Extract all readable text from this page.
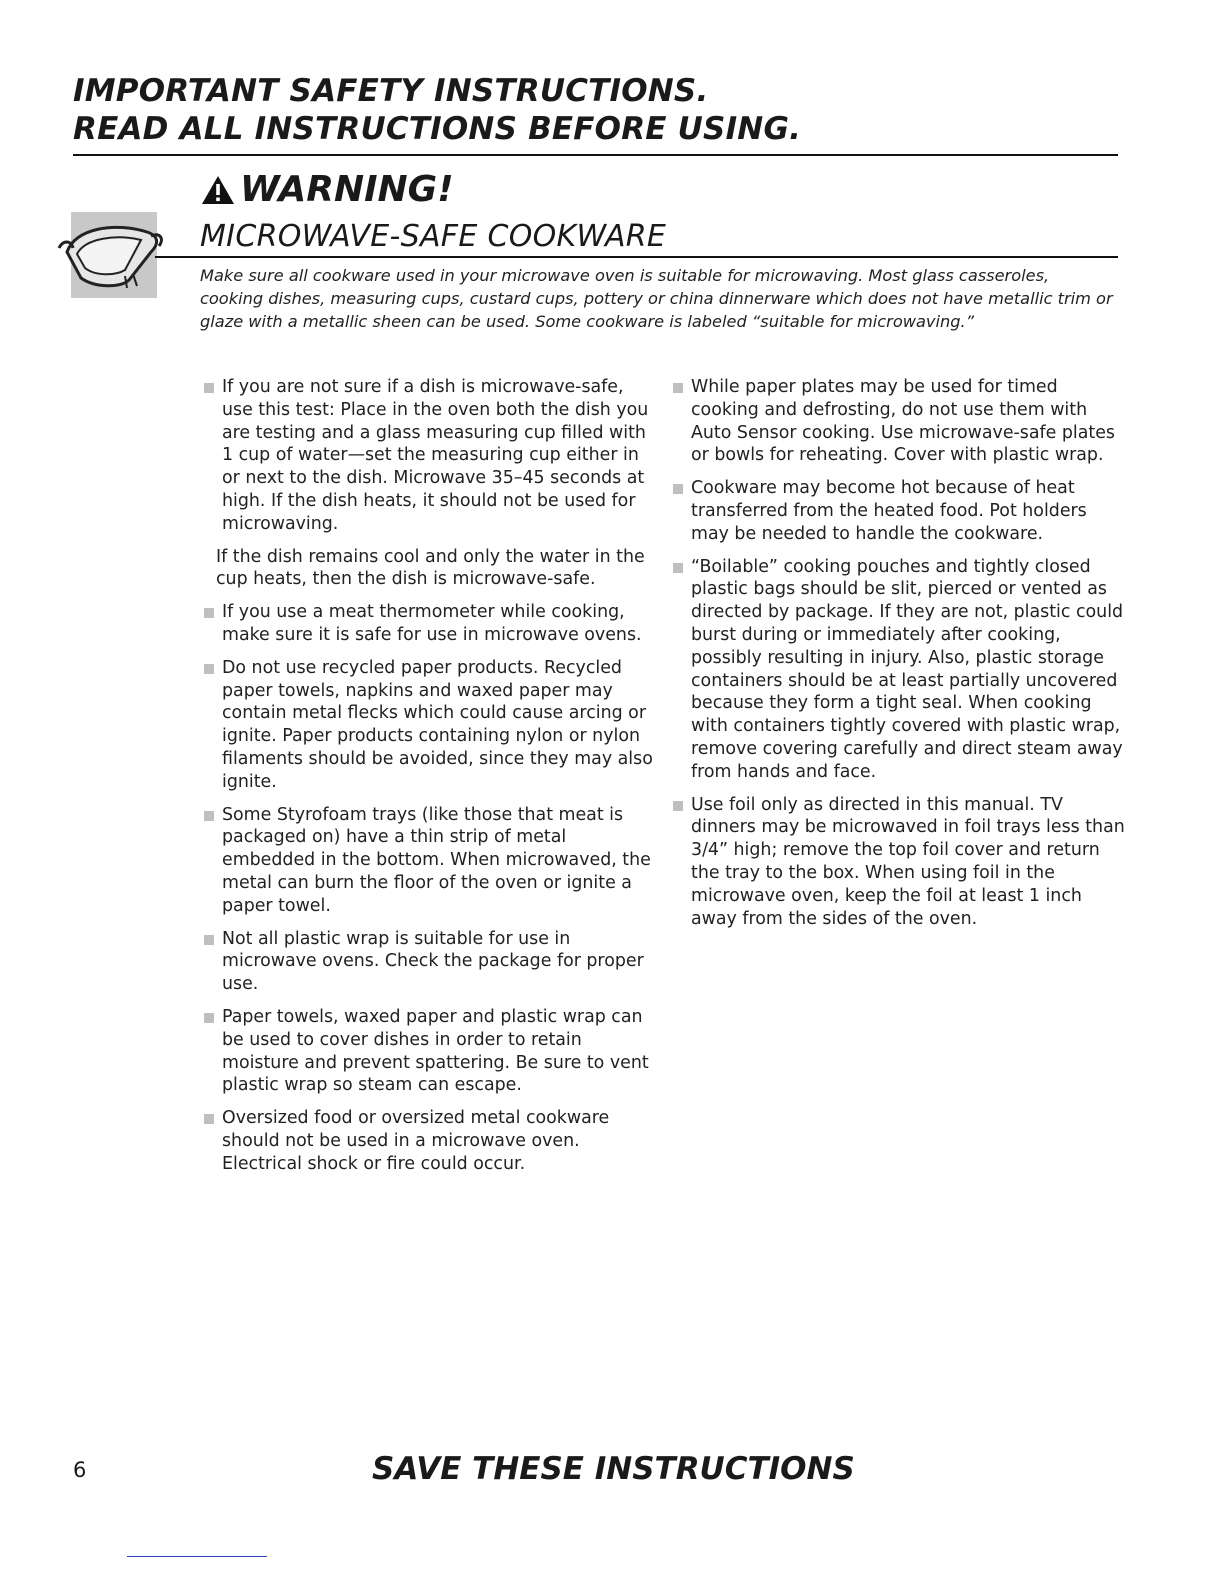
IMPORTANT SAFETY INSTRUCTIONS.
READ ALL INSTRUCTIONS BEFORE USING.
WARNING!
MICROWAVE-SAFE COOKWARE
Make sure all cookware used in your microwave oven is suitable for microwaving. Most glass casseroles, cooking dishes, measuring cups, custard cups, pottery or china dinnerware which does not have metallic trim or glaze with a metallic sheen can be used. Some cookware is labeled “suitable for microwaving.”
If you are not sure if a dish is microwave-safe, use this test: Place in the oven both the dish you are testing and a glass measuring cup filled with 1 cup of water—set the measuring cup either in or next to the dish. Microwave 35–45 seconds at high. If the dish heats, it should not be used for microwaving.
If the dish remains cool and only the water in the cup heats, then the dish is microwave-safe.
If you use a meat thermometer while cooking, make sure it is safe for use in microwave ovens.
Do not use recycled paper products. Recycled paper towels, napkins and waxed paper may contain metal flecks which could cause arcing or ignite. Paper products containing nylon or nylon filaments should be avoided, since they may also ignite.
Some Styrofoam trays (like those that meat is packaged on) have a thin strip of metal embedded in the bottom. When microwaved, the metal can burn the floor of the oven or ignite a paper towel.
Not all plastic wrap is suitable for use in microwave ovens. Check the package for proper use.
Paper towels, waxed paper and plastic wrap can be used to cover dishes in order to retain moisture and prevent spattering. Be sure to vent plastic wrap so steam can escape.
Oversized food or oversized metal cookware should not be used in a microwave oven. Electrical shock or fire could occur.
While paper plates may be used for timed cooking and defrosting, do not use them with Auto Sensor cooking. Use microwave-safe plates or bowls for reheating. Cover with plastic wrap.
Cookware may become hot because of heat transferred from the heated food. Pot holders may be needed to handle the cookware.
“Boilable” cooking pouches and tightly closed plastic bags should be slit, pierced or vented as directed by package. If they are not, plastic could burst during or immediately after cooking, possibly resulting in injury. Also, plastic storage containers should be at least partially uncovered because they form a tight seal. When cooking with containers tightly covered with plastic wrap, remove covering carefully and direct steam away from hands and face.
Use foil only as directed in this manual. TV dinners may be microwaved in foil trays less than 3/4” high; remove the top foil cover and return the tray to the box. When using foil in the microwave oven, keep the foil at least 1 inch away from the sides of the oven.
6	SAVE THESE INSTRUCTIONS
